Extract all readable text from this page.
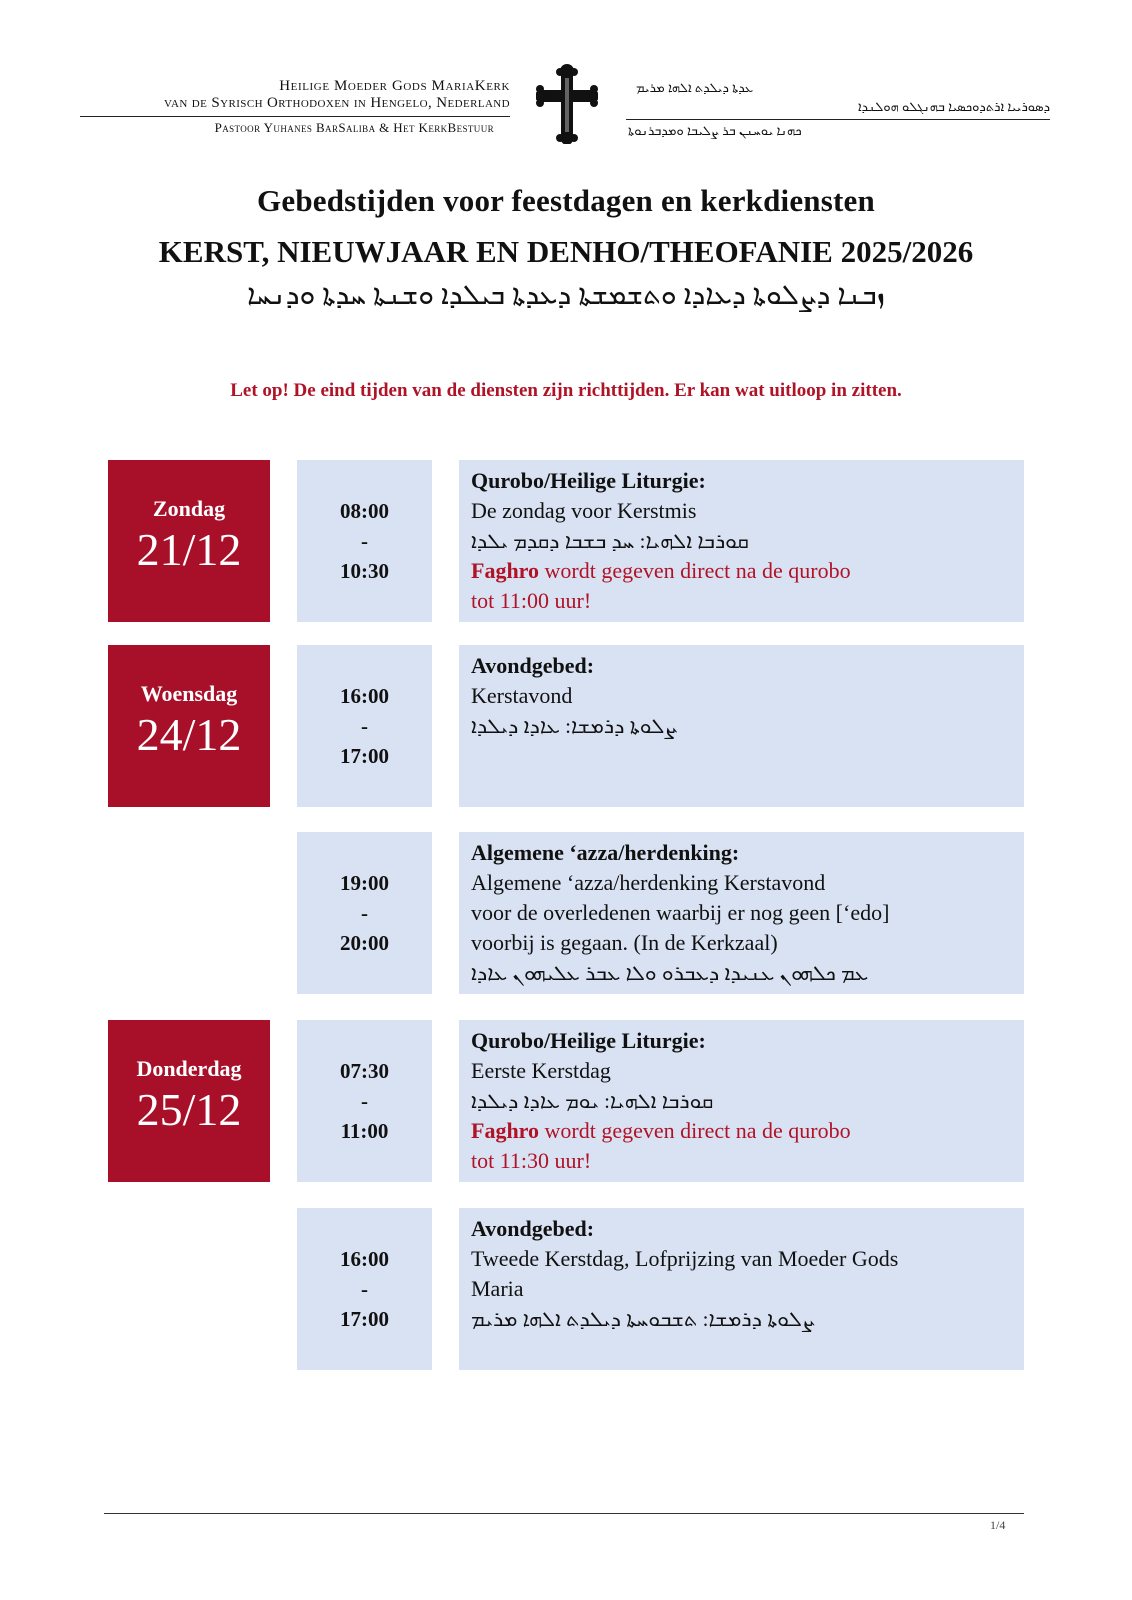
Heilige Moeder Gods MariaKerk
van de Syrisch Orthodoxen in Hengelo, Nederland
Pastoor Yuhanes BarSaliba & Het KerkBestuur
ܥܕܬܐ ܕܝܠܕܬ ܐܠܗܐ ܡܪܝܡ
ܕܣܘܪܝܝܐ ܐܪܬܕܘܟܣܝܐ ܒܗܢܓܠܘ ܗܘܠܢܕܐ
ܟܗܢܐ ܝܘܚܢܢ ܒܪ ܨܠܝܒܐ ܘܡܕܒܪܢܘܬܐ
Gebedstijden voor feestdagen en kerkdiensten
KERST, NIEUWJAAR EN DENHO/THEOFANIE 2025/2026
ܙܒܢܐ ܕܨܠܘܬܐ ܕܥܐܕܐ ܘܬܫܡܫܬܐ ܕܥܕܬܐ ܒܝܠܕܐ ܘܫܢܬܐ ܚܕܬܐ ܘܕܢܚܐ
Let op! De eind tijden van de diensten zijn richttijden. Er kan wat uitloop in zitten.
Zondag
21/12
08:00
-
10:30
Qurobo/Heilige Liturgie:
De zondag voor Kerstmis
ܩܘܪܒܐ ܐܠܗܝܐ: ܚܕ ܒܫܒܐ ܕܩܕܡ ܝܠܕܐ
Faghro wordt gegeven direct na de qurobo
tot 11:00 uur!
Woensdag
24/12
16:00
-
17:00
Avondgebed:
Kerstavond
ܨܠܘܬܐ ܕܪܡܫܐ: ܥܐܕܐ ܕܝܠܕܐ
19:00
-
20:00
Algemene ‘azza/herdenking:
Algemene ‘azza/herdenking Kerstavond
voor de overledenen waarbij er nog geen [‘edo]
voorbij is gegaan. (In de Kerkzaal)
ܥܡ ܟܠܗܘܢ ܥܢܝܕܐ ܕܥܒܪܘ ܘܠܐ ܥܒܪ ܥܠܝܗܘܢ ܥܐܕܐ
Donderdag
25/12
07:30
-
11:00
Qurobo/Heilige Liturgie:
Eerste Kerstdag
ܩܘܪܒܐ ܐܠܗܝܐ: ܝܘܡ ܥܐܕܐ ܕܝܠܕܐ
Faghro wordt gegeven direct na de qurobo
tot 11:30 uur!
16:00
-
17:00
Avondgebed:
Tweede Kerstdag, Lofprijzing van Moeder Gods
Maria
ܨܠܘܬܐ ܕܪܡܫܐ: ܬܫܒܘܚܬܐ ܕܝܠܕܬ ܐܠܗܐ ܡܪܝܡ
1/4
